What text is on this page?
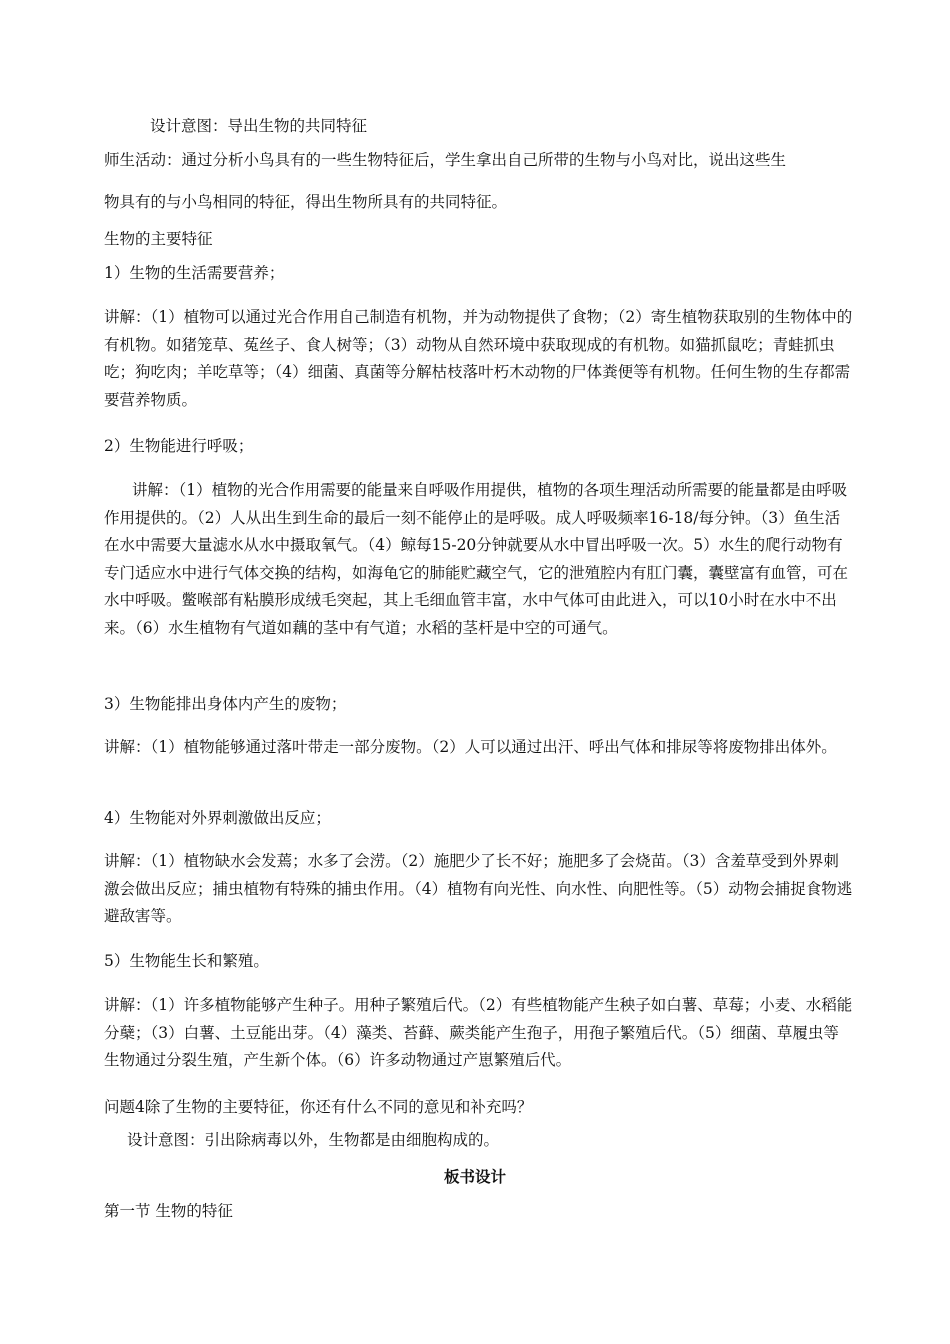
设计意图：导出生物的共同特征
师生活动：通过分析小鸟具有的一些生物特征后，学生拿出自己所带的生物与小鸟对比，说出这些生
物具有的与小鸟相同的特征，得出生物所具有的共同特征。
生物的主要特征
1）生物的生活需要营养；

讲解：（1）植物可以通过光合作用自己制造有机物，并为动物提供了食物；（2）寄生植物获取别的生物体中的有机物。如猪笼草、菟丝子、食人树等；（3）动物从自然环境中获取现成的有机物。如猫抓鼠吃；青蛙抓虫吃；狗吃肉；羊吃草等；（4）细菌、真菌等分解枯枝落叶朽木动物的尸体粪便等有机物。任何生物的生存都需要营养物质。

2）生物能进行呼吸；

讲解：（1）植物的光合作用需要的能量来自呼吸作用提供，植物的各项生理活动所需要的能量都是由呼吸作用提供的。（2）人从出生到生命的最后一刻不能停止的是呼吸。成人呼吸频率16-18/每分钟。（3）鱼生活在水中需要大量滤水从水中摄取氧气。（4）鲸每15-20分钟就要从水中冒出呼吸一次。5）水生的爬行动物有专门适应水中进行气体交换的结构，如海龟它的肺能贮藏空气，它的泄殖腔内有肛门囊，囊壁富有血管，可在水中呼吸。鳖喉部有粘膜形成绒毛突起，其上毛细血管丰富，水中气体可由此进入，可以10小时在水中不出来。（6）水生植物有气道如藕的茎中有气道；水稻的茎杆是中空的可通气。

3）生物能排出身体内产生的废物；

讲解：（1）植物能够通过落叶带走一部分废物。（2）人可以通过出汗、呼出气体和排尿等将废物排出体外。

4）生物能对外界刺激做出反应；

讲解：（1）植物缺水会发蔫；水多了会涝。（2）施肥少了长不好；施肥多了会烧苗。（3）含羞草受到外界刺激会做出反应；捕虫植物有特殊的捕虫作用。（4）植物有向光性、向水性、向肥性等。（5）动物会捕捉食物逃避敌害等。

5）生物能生长和繁殖。

讲解：（1）许多植物能够产生种子。用种子繁殖后代。（2）有些植物能产生秧子如白薯、草莓；小麦、水稻能分蘖；（3）白薯、土豆能出芽。（4）藻类、苔藓、蕨类能产生孢子，用孢子繁殖后代。（5）细菌、草履虫等生物通过分裂生殖，产生新个体。（6）许多动物通过产崽繁殖后代。

问题4除了生物的主要特征，你还有什么不同的意见和补充吗？
设计意图：引出除病毒以外，生物都是由细胞构成的。
板书设计
第一节 生物的特征
